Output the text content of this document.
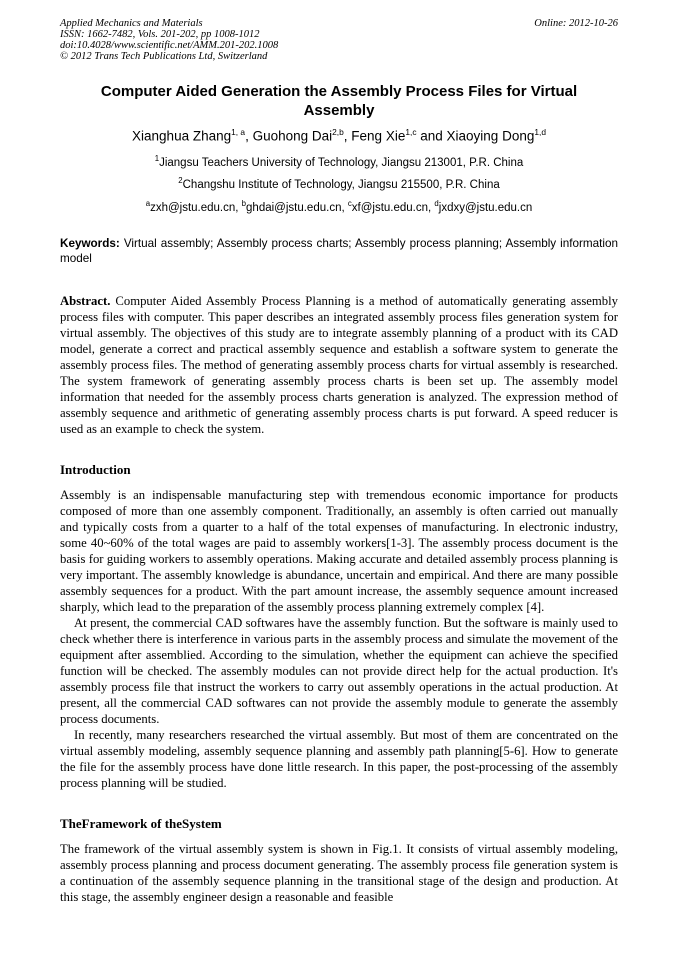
Applied Mechanics and Materials
ISSN: 1662-7482, Vols. 201-202, pp 1008-1012
doi:10.4028/www.scientific.net/AMM.201-202.1008
© 2012 Trans Tech Publications Ltd, Switzerland
Online: 2012-10-26
Computer Aided Generation the Assembly Process Files for Virtual Assembly
Xianghua Zhang$^{1, a}$, Guohong Dai$^{2,b}$, Feng Xie$^{1,c}$ and Xiaoying Dong$^{1,d}$
$^1$Jiangsu Teachers University of Technology, Jiangsu 213001, P.R. China
$^2$Changshu Institute of Technology, Jiangsu 215500, P.R. China
$^a$zxh@jstu.edu.cn, $^b$ghdai@jstu.edu.cn, $^c$xf@jstu.edu.cn, $^d$jxdxy@jstu.edu.cn

Keywords: Virtual assembly; Assembly process charts; Assembly process planning; Assembly information model

Abstract. Computer Aided Assembly Process Planning is a method of automatically generating assembly process files with computer. This paper describes an integrated assembly process files generation system for virtual assembly. The objectives of this study are to integrate assembly planning of a product with its CAD model, generate a correct and practical assembly sequence and establish a software system to generate the assembly process files. The method of generating assembly process charts for virtual assembly is researched. The system framework of generating assembly process charts is been set up. The assembly model information that needed for the assembly process charts generation is analyzed. The expression method of assembly sequence and arithmetic of generating assembly process charts is put forward. A speed reducer is used as an example to check the system.

Introduction

Assembly is an indispensable manufacturing step with tremendous economic importance for products composed of more than one assembly component. Traditionally, an assembly is often carried out manually and typically costs from a quarter to a half of the total expenses of manufacturing. In electronic industry, some 40~60% of the total wages are paid to assembly workers[1-3]. The assembly process document is the basis for guiding workers to assembly operations. Making accurate and detailed assembly process planning is very important. The assembly knowledge is abundance, uncertain and empirical. And there are many possible assembly sequences for a product. With the part amount increase, the assembly sequence amount increased sharply, which lead to the preparation of the assembly process planning extremely complex [4].

At present, the commercial CAD softwares have the assembly function. But the software is mainly used to check whether there is interference in various parts in the assembly process and simulate the movement of the equipment after assemblied. According to the simulation, whether the equipment can achieve the specified function will be checked. The assembly modules can not provide direct help for the actual production. It's assembly process file that instruct the workers to carry out assembly operations in the actual production. At present, all the commercial CAD softwares can not provide the assembly module to generate the assembly process documents.

In recently, many researchers researched the virtual assembly. But most of them are concentrated on the virtual assembly modeling, assembly sequence planning and assembly path planning[5-6]. How to generate the file for the assembly process have done little research. In this paper, the post-processing of the assembly process planning will be studied.

TheFramework of theSystem

The framework of the virtual assembly system is shown in Fig.1. It consists of virtual assembly modeling, assembly process planning and process document generating. The assembly process file generation system is a continuation of the assembly sequence planning in the transitional stage of the design and production. At this stage, the assembly engineer design a reasonable and feasible
